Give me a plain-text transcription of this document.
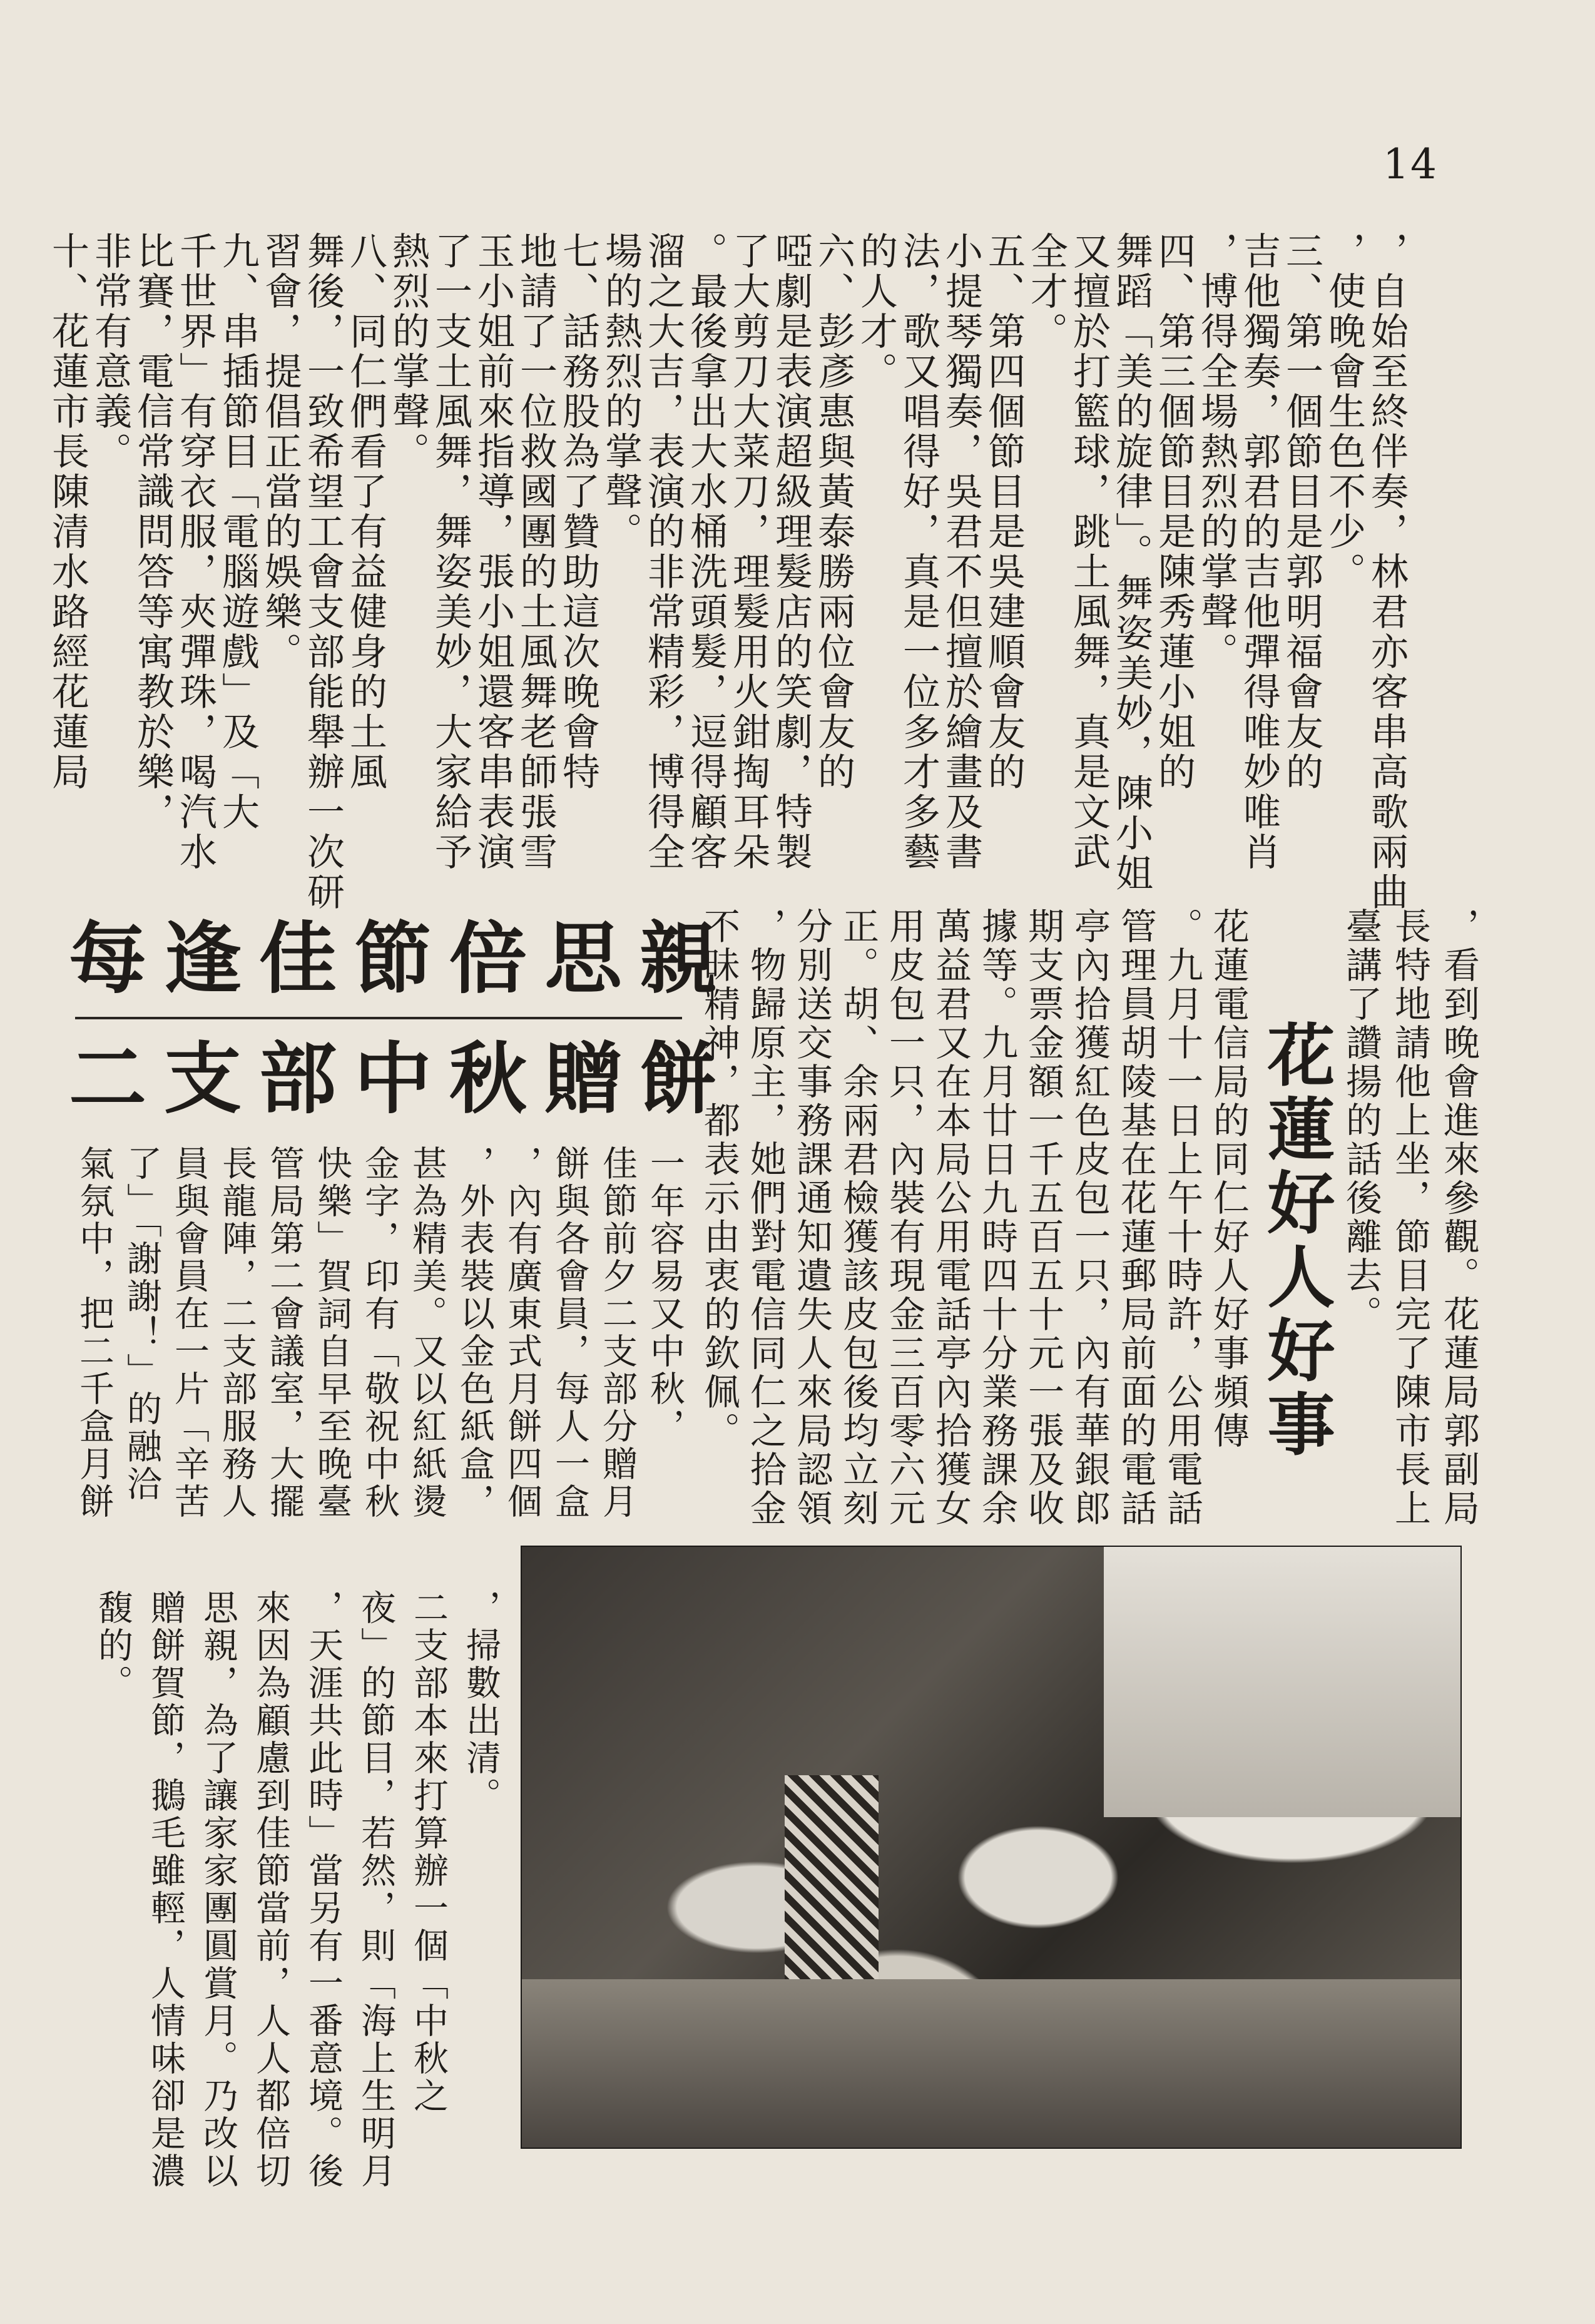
14
，自始至終伴奏，林君亦客串高歌兩曲
，使晚會生色不少。
三、第一個節目是郭明福會友的
吉他獨奏，郭君的吉他彈得唯妙唯肖
，博得全場熱烈的掌聲。
四、第三個節目是陳秀蓮小姐的
舞蹈「美的旋律」。舞姿美妙，陳小姐
又擅於打籃球，跳土風舞，真是文武
全才。
五、第四個節目是吳建順會友的
小提琴獨奏，吳君不但擅於繪畫及書
法，歌又唱得好，真是一位多才多藝
的人才。
六、彭彥惠與黃泰勝兩位會友的
啞劇是表演超級理髮店的笑劇，特製
了大剪刀大菜刀，理髮用火鉗掏耳朵
。最後拿出大水桶洗頭髮，逗得顧客
溜之大吉，表演的非常精彩，博得全
場的熱烈的掌聲。
七、話務股為了贊助這次晚會特
地請了一位救國團的土風舞老師張雪
玉小姐前來指導，張小姐還客串表演
了一支土風舞，舞姿美妙，大家給予
熱烈的掌聲。
八、同仁們看了有益健身的土風
舞後，一致希望工會支部能舉辦一次研
習會，提倡正當的娛樂。
九、串插節目「電腦遊戲」及「大
千世界」有穿衣服，夾彈珠，喝汽水
比賽，電信常識問答等寓教於樂，
非常有意義。
十、花蓮市長陳清水路經花蓮局
，看到晚會進來參觀。花蓮局郭副局
長特地請他上坐，節目完了陳市長上
臺講了讚揚的話後離去。
花蓮好人好事
花蓮電信局的同仁好人好事頻傳
。九月十一日上午十時許，公用電話
管理員胡陵基在花蓮郵局前面的電話
亭內拾獲紅色皮包一只，內有華銀郎
期支票金額一千五百五十元一張及收
據等。九月廿日九時四十分業務課余
萬益君又在本局公用電話亭內拾獲女
用皮包一只，內裝有現金三百零六元
正。胡、余兩君檢獲該皮包後均立刻
分別送交事務課通知遺失人來局認領
，物歸原主，她們對電信同仁之拾金
不昧精神，都表示由衷的欽佩。
每逢佳節倍思親
二支部中秋贈餅
一年容易又中秋，
佳節前夕二支部分贈月
餅與各會員，每人一盒
，內有廣東式月餅四個
，外表裝以金色紙盒，
甚為精美。又以紅紙燙
金字，印有「敬祝中秋
快樂」賀詞自早至晚臺
管局第二會議室，大擺
長龍陣，二支部服務人
員與會員在一片「辛苦
了」「謝謝！」的融洽
氣氛中，把二千盒月餅
，掃數出清。
二支部本來打算辦一個「中秋之
夜」的節目，若然，則「海上生明月
，天涯共此時」當另有一番意境。後
來因為顧慮到佳節當前，人人都倍切
思親，為了讓家家團圓賞月。乃改以
贈餅賀節，鵝毛雖輕，人情味卻是濃
馥的。
